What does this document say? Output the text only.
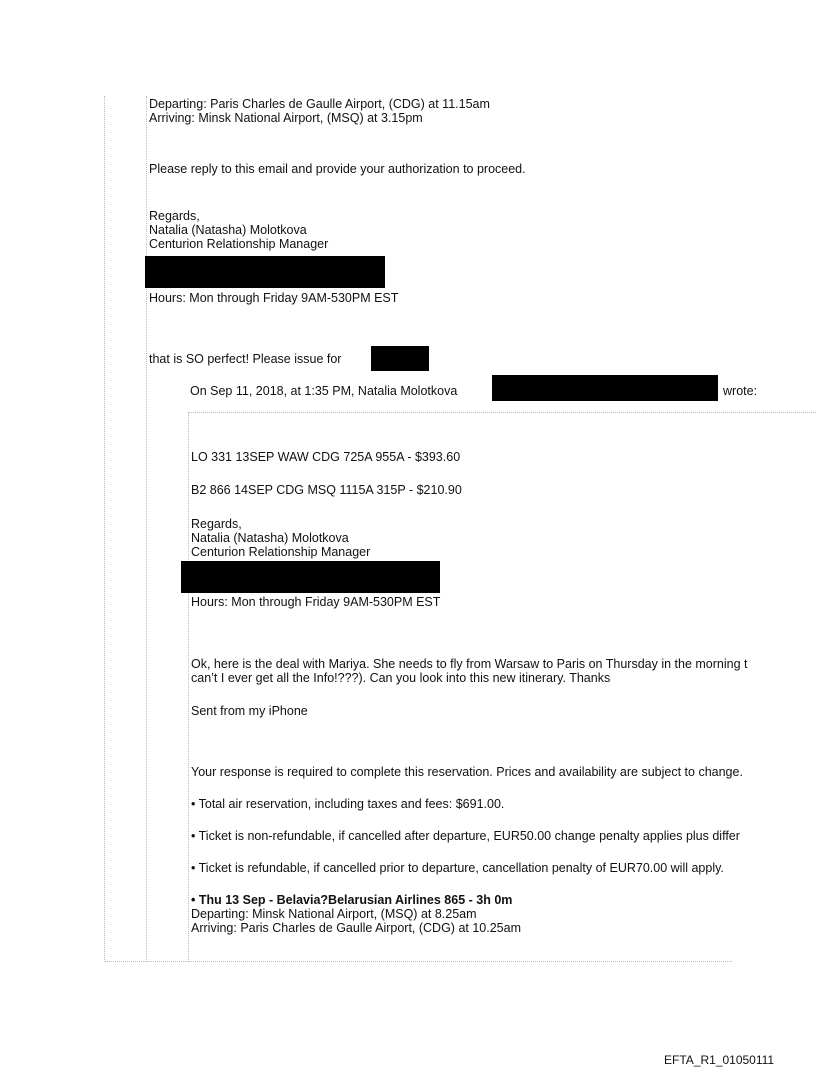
Departing: Paris Charles de Gaulle Airport, (CDG) at 11.15am
Arriving: Minsk National Airport, (MSQ) at 3.15pm
Please reply to this email and provide your authorization to proceed.
Regards,
Natalia (Natasha) Molotkova
Centurion Relationship Manager
Hours: Mon through Friday 9AM-530PM EST
that is SO perfect! Please issue for
On Sep 11, 2018, at 1:35 PM, Natalia Molotkova	wrote:
LO 331 13SEP WAW CDG 725A 955A - $393.60
B2 866 14SEP CDG MSQ 1115A 315P - $210.90
Regards,
Natalia (Natasha) Molotkova
Centurion Relationship Manager
Hours: Mon through Friday 9AM-530PM EST
Ok, here is the deal with Mariya. She needs to fly from Warsaw to Paris on Thursday in the morning t
can’t I ever get all the Info!???). Can you look into this new itinerary. Thanks
Sent from my iPhone
Your response is required to complete this reservation. Prices and availability are subject to change.
• Total air reservation, including taxes and fees: $691.00.
• Ticket is non-refundable, if cancelled after departure, EUR50.00 change penalty applies plus differ
• Ticket is refundable, if cancelled prior to departure, cancellation penalty of EUR70.00 will apply.
• Thu 13 Sep - Belavia?Belarusian Airlines 865 - 3h 0m
Departing: Minsk National Airport, (MSQ) at 8.25am
Arriving: Paris Charles de Gaulle Airport, (CDG) at 10.25am
EFTA_R1_01050111
